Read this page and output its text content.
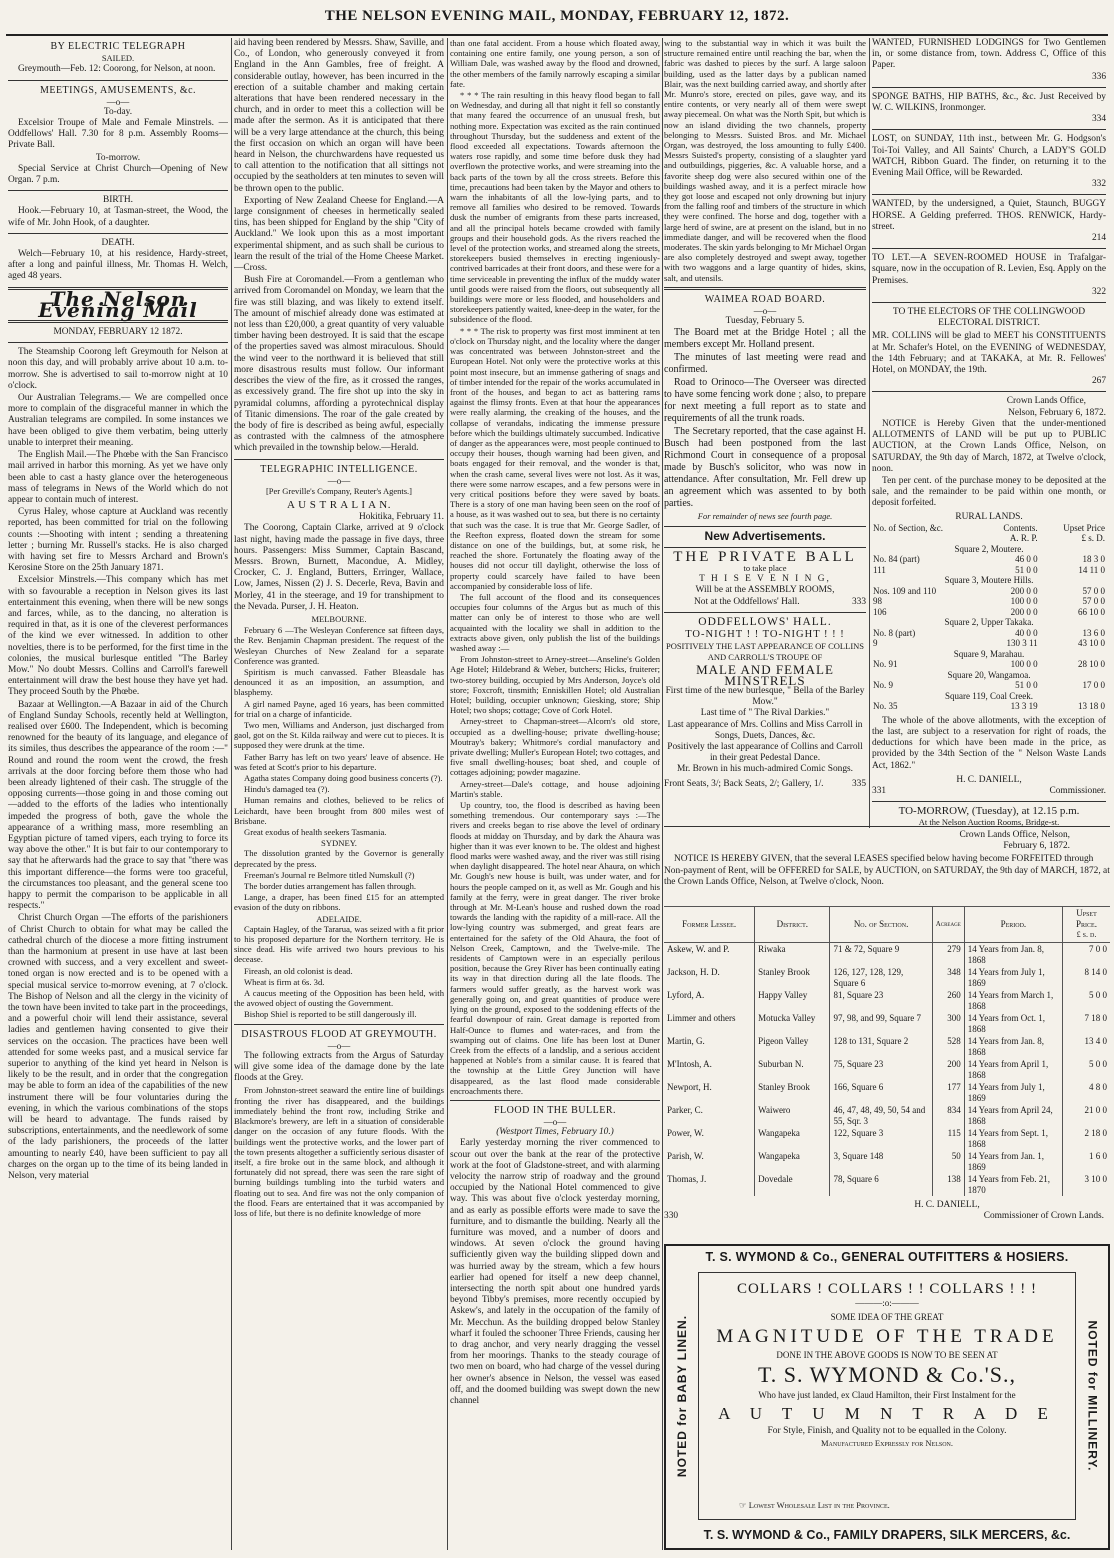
THE NELSON EVENING MAIL, MONDAY, FEBRUARY 12, 1872.
BY ELECTRIC TELEGRAPH
SAILED.

Greymouth—Feb. 12: Coorong, for Nelson, at noon.

MEETINGS, AMUSEMENTS, &c.
—o—
To-day.

Excelsior Troupe of Male and Female Minstrels. —Oddfellows' Hall. 7.30 for 8 p.m. Assembly Rooms—Private Ball.

To-morrow.

Special Service at Christ Church—Opening of New Organ. 7 p.m.

BIRTH.

Hook.—February 10, at Tasman-street, the Wood, the wife of Mr. John Hook, of a daughter.

DEATH.

Welch—February 10, at his residence, Hardy-street, after a long and painful illness, Mr. Thomas H. Welch, aged 48 years.

The Nelson Evening Mail
MONDAY, FEBRUARY 12 1872.

The Steamship Coorong left Greymouth for Nelson at noon this day, and will probably arrive about 10 a.m. to-morrow. She is advertised to sail to-morrow night at 10 o'clock.

Our Australian Telegrams.— We are compelled once more to complain of the disgraceful manner in which the Australian telegrams are compiled. In some instances we have been obliged to give them verbatim, being utterly unable to interpret their meaning.

The English Mail.—The Phœbe with the San Francisco mail arrived in harbor this morning. As yet we have only been able to cast a hasty glance over the heterogeneous mass of telegrams in News of the World which do not appear to contain much of interest.

Cyrus Haley, whose capture at Auckland was recently reported, has been committed for trial on the following counts :—Shooting with intent ; sending a threatening letter ; burning Mr. Russell's stacks. He is also charged with having set fire to Messrs Archard and Brown's Kerosine Store on the 25th January 1871.

Excelsior Minstrels.—This company which has met with so favourable a reception in Nelson gives its last entertainment this evening, when there will be new songs and farces, while, as to the dancing, no alteration is required in that, as it is one of the cleverest performances of the kind we ever witnessed. In addition to other novelties, there is to be performed, for the first time in the colonies, the musical burlesque entitled "The Barley Mow." No doubt Messrs. Collins and Carroll's farewell entertainment will draw the best house they have yet had. They proceed South by the Phœbe.

Bazaar at Wellington.—A Bazaar in aid of the Church of England Sunday Schools, recently held at Wellington, realised over £600. The Independent, which is becoming renowned for the beauty of its language, and elegance of its similes, thus describes the appearance of the room :—" Round and round the room went the crowd, the fresh arrivals at the door forcing before them those who had been already lightened of their cash. The struggle of the opposing currents—those going in and those coming out—added to the efforts of the ladies who intentionally impeded the progress of both, gave the whole the appearance of a writhing mass, more resembling an Egyptian picture of tamed vipers, each trying to force its way above the other." It is but fair to our contemporary to say that he afterwards had the grace to say that "there was this important difference—the forms were too graceful, the circumstances too pleasant, and the general scene too happy to permit the comparison to be applicable in all respects."

Christ Church Organ —The efforts of the parishioners of Christ Church to obtain for what may be called the cathedral church of the diocese a more fitting instrument than the harmonium at present in use have at last been crowned with success, and a very excellent and sweet-toned organ is now erected and is to be opened with a special musical service to-morrow evening, at 7 o'clock. The Bishop of Nelson and all the clergy in the vicinity of the town have been invited to take part in the proceedings, and a powerful choir will lend their assistance, several ladies and gentlemen having consented to give their services on the occasion. The practices have been well attended for some weeks past, and a musical service far superior to anything of the kind yet heard in Nelson is likely to be the result, and in order that the congregation may be able to form an idea of the capabilities of the new instrument there will be four voluntaries during the evening, in which the various combinations of the stops will be heard to advantage. The funds raised by subscriptions, entertainments, and the needlework of some of the lady parishioners, the proceeds of the latter amounting to nearly £40, have been sufficient to pay all charges on the organ up to the time of its being landed in Nelson, very material

aid having been rendered by Messrs. Shaw, Saville, and Co., of London, who generously conveyed it from England in the Ann Gambles, free of freight. A considerable outlay, however, has been incurred in the erection of a suitable chamber and making certain alterations that have been rendered necessary in the church, and in order to meet this a collection will be made after the sermon. As it is anticipated that there will be a very large attendance at the church, this being the first occasion on which an organ will have been heard in Nelson, the churchwardens have requested us to call attention to the notification that all sittings not occupied by the seatholders at ten minutes to seven will be thrown open to the public.

Exporting of New Zealand Cheese for England.—A large consignment of cheeses in hermetically sealed tins, has been shipped for England by the ship "City of Auckland." We look upon this as a most important experimental shipment, and as such shall be curious to learn the result of the trial of the Home Cheese Market.—Cross.

Bush Fire at Coromandel.—From a gentleman who arrived from Coromandel on Monday, we learn that the fire was still blazing, and was likely to extend itself. The amount of mischief already done was estimated at not less than £20,000, a great quantity of very valuable timber having been destroyed. It is said that the escape of the properties saved was almost miraculous. Should the wind veer to the northward it is believed that still more disastrous results must follow. Our informant describes the view of the fire, as it crossed the ranges, as excessively grand. The fire shot up into the sky in pyramidal columns, affording a pyrotechnical display of Titanic dimensions. The roar of the gale created by the body of fire is described as being awful, especially as contrasted with the calmness of the atmosphere which prevailed in the township below.—Herald.

TELEGRAPHIC INTELLIGENCE.
—o—
[Per Greville's Company, Reuter's Agents.]
A U S T R A L I A N.
Hokitika, February 11.

The Coorong, Captain Clarke, arrived at 9 o'clock last night, having made the passage in five days, three hours. Passengers: Miss Summer, Captain Bascand, Messrs. Brown, Burnett, Macondue, A. Midley, Crocker, C. J. England, Butters, Erringer, Wallace, Low, James, Nissen (2) J. S. Decerle, Reva, Bavin and Morley, 41 in the steerage, and 19 for transhipment to the Nevada. Purser, J. H. Heaton.

MELBOURNE.

February 6 —The Wesleyan Conference sat fifteen days, the Rev. Benjamin Chapman president. The request of the Wesleyan Churches of New Zealand for a separate Conference was granted.

Spiritism is much canvassed. Father Bleasdale has denounced it as an imposition, an assumption, and blasphemy.

A girl named Payne, aged 16 years, has been committed for trial on a charge of infanticide.

Two men, Williams and Anderson, just discharged from gaol, got on the St. Kilda railway and were cut to pieces. It is supposed they were drunk at the time.

Father Barry has left on two years' leave of absence. He was feted at Scott's prior to his departure.

Agatha states Company doing good business concerts (?).

Hindu's damaged tea (?).

Human remains and clothes, believed to be relics of Leichardt, have been brought from 800 miles west of Brisbane.

Great exodus of health seekers Tasmania.

SYDNEY.

The dissolution granted by the Governor is generally deprecated by the press.

Freeman's Journal re Belmore titled Numskull (?)

The border duties arrangement has fallen through.

Lange, a draper, has been fined £15 for an attempted evasion of the duty on ribbons.

ADELAIDE.

Captain Hagley, of the Tararua, was seized with a fit prior to his proposed departure for the Northern territory. He is since dead. His wife arrived two hours previous to his decease.

Fireash, an old colonist is dead.

Wheat is firm at 6s. 3d.

A caucus meeting of the Opposition has been held, with the avowed object of ousting the Government.

Bishop Shiel is reported to be still dangerously ill.

DISASTROUS FLOOD AT GREYMOUTH.
—o—

The following extracts from the Argus of Saturday will give some idea of the damage done by the late floods at the Grey.

From Johnston-street seaward the entire line of buildings fronting the river has disappeared, and the buildings immediately behind the front row, including Strike and Blackmore's brewery, are left in a situation of considerable danger on the occasion of any future floods. With the buildings went the protective works, and the lower part of the town presents altogether a sufficiently serious disaster of itself, a fire broke out in the same block, and although it fortunately did not spread, there was seen the rare sight of burning buildings tumbling into the turbid waters and floating out to sea. And fire was not the only companion of the flood. Fears are entertained that it was accompanied by loss of life, but there is no definite knowledge of more

than one fatal accident. From a house which floated away, containing one entire family, one young person, a son of William Dale, was washed away by the flood and drowned, the other members of the family narrowly escaping a similar fate.

* * * The rain resulting in this heavy flood began to fall on Wednesday, and during all that night it fell so constantly that many feared the occurrence of an unusual fresh, but nothing more. Expectation was excited as the rain continued throughout Thursday, but the suddeness and extent of the flood exceeded all expectations. Towards afternoon the waters rose rapidly, and some time before dusk they had overflown the protective works, and were streaming into the back parts of the town by all the cross streets. Before this time, precautions had been taken by the Mayor and others to warn the inhabitants of all the low-lying parts, and to remove all families who desired to be removed. Towards dusk the number of emigrants from these parts increased, and all the principal hotels became crowded with family groups and their household gods. As the rivers reached the level of the protection works, and streamed along the streets, storekeepers busied themselves in erecting ingeniously-contrived barricades at their front doors, and these were for a time serviceable in preventing the influx of the muddy water until goods were raised from the floors, out subsequently all buildings were more or less flooded, and householders and storekeepers patiently waited, knee-deep in the water, for the subsidence of the flood.

* * * The risk to property was first most imminent at ten o'clock on Thursday night, and the locality where the danger was concentrated was between Johnston-street and the European Hotel. Not only were the protective works at this point most insecure, but an immense gathering of snags and of timber intended for the repair of the works accumulated in front of the houses, and began to act as battering rams against the flimsy fronts. Even at that hour the appearances were really alarming, the creaking of the houses, and the collapse of verandahs, indicating the immense pressure before which the buildings ultimately succumbed. Indicative of danger as the appearances were, most people continued to occupy their houses, though warning had been given, and boats engaged for their removal, and the wonder is that, when the crash came, several lives were not lost. As it was, there were some narrow escapes, and a few persons were in very critical positions before they were saved by boats. There is a story of one man having been seen on the roof of a house, as it was washed out to sea, but there is no certainty that such was the case. It is true that Mr. George Sadler, of the Reefton express, floated down the stream for some distance on one of the buildings, but, at some risk, he reached the shore. Fortunately the floating away of the houses did not occur till daylight, otherwise the loss of property could scarcely have failed to have been accompanied by considerable loss of life.

The full account of the flood and its consequences occupies four columns of the Argus but as much of this matter can only be of interest to those who are well acquainted with the locality we shall in addition to the extracts above given, only publish the list of the buildings washed away :—

From Johnston-street to Arney-street—Anseline's Golden Age Hotel; Hildebrand & Weber, butchers; Hicks, fruiterer; two-storey building, occupied by Mrs Anderson, Joyce's old store; Foxcroft, tinsmith; Enniskillen Hotel; old Australian Hotel; building, occupier unknown; Giesking, store; Ship Hotel; two shops; cottage; Cove of Cork Hotel.

Arney-street to Chapman-street—Alcorn's old store, occupied as a dwelling-house; private dwelling-house; Moutray's bakery; Whitmore's cordial manufactory and private dwelling; Muller's European Hotel; two cottages, and five small dwelling-houses; boat shed, and couple of cottages adjoining; powder magazine.

Arney-street—Dale's cottage, and house adjoining Martin's stable.

Up country, too, the flood is described as having been something tremendous. Our contemporary says :—The rivers and creeks began to rise above the level of ordinary floods at midday on Thursday, and by dark the Ahaura was higher than it was ever known to be. The oldest and highest flood marks were washed away, and the river was still rising when daylight disappeared. The hotel near Ahaura, on which Mr. Gough's new house is built, was under water, and for hours the people camped on it, as well as Mr. Gough and his family at the ferry, were in great danger. The river broke through at Mr. M-Lean's house and rushed down the road towards the landing with the rapidity of a mill-race. All the low-lying country was submerged, and great fears are entertained for the safety of the Old Ahaura, the foot of Nelson Creek, Camptown, and the Twelve-mile. The residents of Camptown were in an especially perilous position, because the Grey River has been continually eating its way in that direction during all the late floods. The farmers would suffer greatly, as the harvest work was generally going on, and great quantities of produce were lying on the ground, exposed to the soddening effects of the fearful downpour of rain. Great damage is reported from Half-Ounce to flumes and water-races, and from the swamping out of claims. One life has been lost at Duner Creek from the effects of a landslip, and a serious accident happened at Noble's from a similar cause. It is feared that the township at the Little Grey Junction will have disappeared, as the last flood made considerable encroachments there.

FLOOD IN THE BULLER.
—o—
(Westport Times, February 10.)

Early yesterday morning the river commenced to scour out over the bank at the rear of the protective work at the foot of Gladstone-street, and with alarming velocity the narrow strip of roadway and the ground occupied by the National Hotel commenced to give way. This was about five o'clock yesterday morning, and as early as possible efforts were made to save the furniture, and to dismantle the building. Nearly all the furniture was moved, and a number of doors and windows. At seven o'clock the ground having sufficiently given way the building slipped down and was hurried away by the stream, which a few hours earlier had opened for itself a new deep channel, intersecting the north spit about one hundred yards beyond Tibby's premises, more recently occupied by Askew's, and lately in the occupation of the family of Mr. Mecchun. As the building dropped below Stanley wharf it fouled the schooner Three Friends, causing her to drag anchor, and very nearly dragging the vessel from her moorings. Thanks to the steady courage of two men on board, who had charge of the vessel during her owner's absence in Nelson, the vessel was eased off, and the doomed building was swept down the new channel

wing to the substantial way in which it was built the structure remained entire until reaching the bar, when the fabric was dashed to pieces by the surf. A large saloon building, used as the latter days by a publican named Blair, was the next building carried away, and shortly after Mr. Munro's store, erected on piles, gave way, and its entire contents, or very nearly all of them were swept away piecemeal. On what was the North Spit, but which is now an island dividing the two channels, property belonging to Messrs. Suisted Bros. and Mr. Michael Organ, was destroyed, the loss amounting to fully £400. Messrs Suisted's property, consisting of a slaughter yard and outbuildings, piggeries, &c. A valuable horse, and a favorite sheep dog were also secured within one of the buildings washed away, and it is a perfect miracle how they got loose and escaped not only drowning but injury from the falling roof and timbers of the structure in which they were confined. The horse and dog, together with a large herd of swine, are at present on the island, but in no immediate danger, and will be recovered when the flood moderates. The skin yards belonging to Mr Michael Organ are also completely destroyed and swept away, together with two waggons and a large quantity of hides, skins, salt, and utensils.

WAIMEA ROAD BOARD.
—o—
Tuesday, February 5.

The Board met at the Bridge Hotel ; all the members except Mr. Holland present.

The minutes of last meeting were read and confirmed.

Road to Orinoco—The Overseer was directed to have some fencing work done ; also, to prepare for next meeting a full report as to state and requirements of all the trunk roads.

The Secretary reported, that the case against H. Busch had been postponed from the last Richmond Court in consequence of a proposal made by Busch's solicitor, who was now in attendance. After consultation, Mr. Fell drew up an agreement which was assented to by both parties.

For remainder of news see fourth page.
New Advertisements.
THE PRIVATE BALL
to take place
T H I S E V E N I N G,
Will be at the ASSEMBLY ROOMS,
Not at the Oddfellows' Hall.	333
ODDFELLOWS' HALL.
TO-NIGHT ! ! TO-NIGHT ! ! !
POSITIVELY THE LAST APPEARANCE OF COLLINS AND CARROLL'S TROUPE OF
MALE AND FEMALE MINSTRELS
First time of the new burlesque, " Bella of the Barley Mow."
Last time of " The Rival Darkies."
Last appearance of Mrs. Collins and Miss Carroll in Songs, Duets, Dances, &c.
Positively the last appearance of Collins and Carroll in their great Pedestal Dance.
Mr. Brown in his much-admired Comic Songs.
Front Seats, 3/; Back Seats, 2/; Gallery, 1/.	335
WANTED, FURNISHED LODGINGS for Two Gentlemen in, or some distance from, town. Address C, Office of this Paper.
336
SPONGE BATHS, HIP BATHS, &c., &c. Just Received by W. C. WILKINS, Ironmonger.
334
LOST, on SUNDAY, 11th inst., between Mr. G. Hodgson's Toi-Toi Valley, and All Saints' Church, a LADY'S GOLD WATCH, Ribbon Guard. The finder, on returning it to the Evening Mail Office, will be Rewarded.
332
WANTED, by the undersigned, a Quiet, Staunch, BUGGY HORSE. A Gelding preferred. THOS. RENWICK, Hardy-street.
214
TO LET.—A SEVEN-ROOMED HOUSE in Trafalgar-square, now in the occupation of R. Levien, Esq. Apply on the Premises.
322
TO THE ELECTORS OF THE COLLINGWOOD ELECTORAL DISTRICT.
MR. COLLINS will be glad to MEET his CONSTITUENTS at Mr. Schafer's Hotel, on the EVENING of WEDNESDAY, the 14th February; and at TAKAKA, at Mr. R. Fellowes' Hotel, on MONDAY, the 19th.
267
Crown Lands Office,
Nelson, February 6, 1872.

NOTICE is Hereby Given that the under-mentioned ALLOTMENTS of LAND will be put up to PUBLIC AUCTION, at the Crown Lands Office, Nelson, on SATURDAY, the 9th day of March, 1872, at Twelve o'clock, noon.

Ten per cent. of the purchase money to be deposited at the sale, and the remainder to be paid within one month, or deposit forfeited.

RURAL LANDS.
No. of Section, &c.	Contents.	Upset Price
	A. R. P.	£ s. D.
Square 2, Moutere.		
No. 84 (part)	46 0 0	18 3 0
111	51 0 0	14 11 0
Square 3, Moutere Hills.		
Nos. 109 and 110	200 0 0	57 0 0
98	100 0 0	57 0 0
106	200 0 0	66 10 0
Square 2, Upper Takaka.		
No. 8 (part)	40 0 0	13 6 0
9	130 3 11	43 10 0
Square 9, Marahau.		
No. 91	100 0 0	28 10 0
Square 20, Wangamoa.		
No. 9	51 0 0	17 0 0
Square 119, Coal Creek.		
No. 35	13 3 19	13 18 0

The whole of the above allotments, with the exception of the last, are subject to a reservation for right of roads, the deductions for which have been made in the price, as provided by the 34th Section of the " Nelson Waste Lands Act, 1862."

H. C. DANIELL,
331	Commissioner.
TO-MORROW, (Tuesday), at 12.15 p.m.
At the Nelson Auction Rooms, Bridge-st.
Crown Lands Office, Nelson,
February 6, 1872.

NOTICE IS HEREBY GIVEN, that the several LEASES specified below having become FORFEITED through Non-payment of Rent, will be OFFERED for SALE, by AUCTION, on SATURDAY, the 9th day of MARCH, 1872, at the Crown Lands Office, Nelson, at Twelve o'clock, Noon.

Former Lessee.	District.	No. of Section.	Acreage	Period.	Upset Price.
£ s. d.
Askew, W. and P.	Riwaka	71 & 72, Square 9	279	14 Years from Jan. 8, 1868	7 0 0
Jackson, H. D.	Stanley Brook	126, 127, 128, 129, Square 6	348	14 Years from July 1, 1869	8 14 0
Lyford, A.	Happy Valley	81, Square 23	260	14 Years from March 1, 1868	5 0 0
Limmer and others	Motucka Valley	97, 98, and 99, Square 7	300	14 Years from Oct. 1, 1868	7 18 0
Martin, G.	Pigeon Valley	128 to 131, Square 2	528	14 Years from Jan. 8, 1868	13 4 0
M'Intosh, A.	Suburban N.	75, Square 23	200	14 Years from April 1, 1868	5 0 0
Newport, H.	Stanley Brook	166, Square 6	177	14 Years from July 1, 1869	4 8 0
Parker, C.	Waiwero	46, 47, 48, 49, 50, 54 and 55, Sqr. 3	834	14 Years from April 24, 1868	21 0 0
Power, W.	Wangapeka	122, Square 3	115	14 Years from Sept. 1, 1868	2 18 0
Parish, W.	Wangapeka	3, Square 148	50	14 Years from Jan. 1, 1869	1 6 0
Thomas, J.	Dovedale	78, Square 6	138	14 Years from Feb. 21, 1870	3 10 0
H. C. DANIELL,
330	Commissioner of Crown Lands.
T. S. WYMOND & Co., GENERAL OUTFITTERS & HOSIERS.
NOTED for BABY LINEN.	NOTED for MILLINERY.
COLLARS ! COLLARS ! ! COLLARS ! ! !
———:o:———
SOME IDEA OF THE GREAT
MAGNITUDE OF THE TRADE
DONE IN THE ABOVE GOODS IS NOW TO BE SEEN AT
T. S. WYMOND & Co.'S.,
Who have just landed, ex Claud Hamilton, their First Instalment for the
A U T U M N T R A D E
For Style, Finish, and Quality not to be equalled in the Colony.
Manufactured Expressly for Nelson.
☞ Lowest Wholesale List in the Province.
T. S. WYMOND & Co., FAMILY DRAPERS, SILK MERCERS, &c.
